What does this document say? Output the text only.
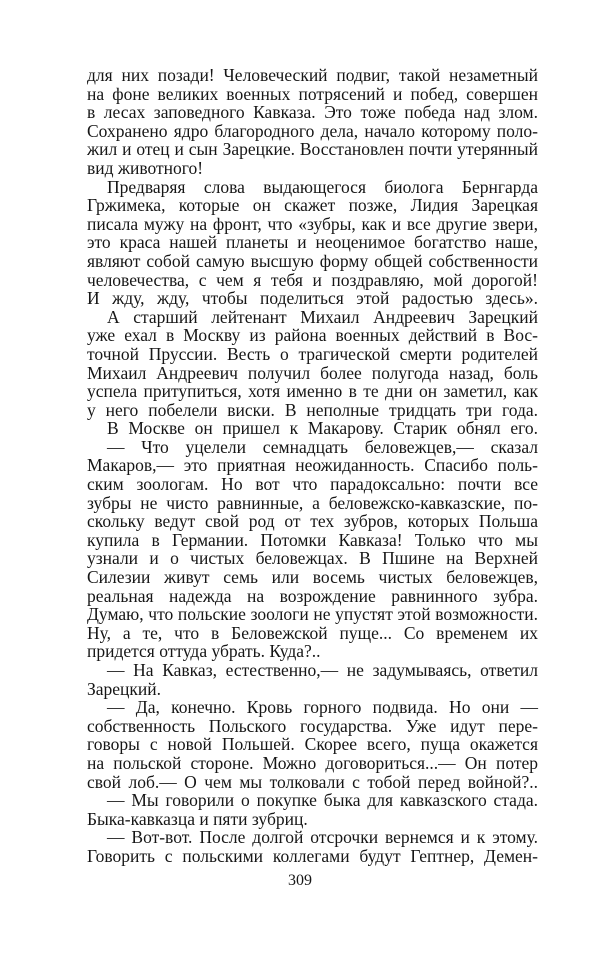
для них позади! Человеческий подвиг, такой незаметный
на фоне великих военных потрясений и побед, совершен
в лесах заповедного Кавказа. Это тоже победа над злом.
Сохранено ядро благородного дела, начало которому поло-
жил и отец и сын Зарецкие. Восстановлен почти утерянный
вид животного!
Предваряя слова выдающегося биолога Бернгарда
Гржимека, которые он скажет позже, Лидия Зарецкая
писала мужу на фронт, что «зубры, как и все другие звери,
это краса нашей планеты и неоценимое богатство наше,
являют собой самую высшую форму общей собственности
человечества, с чем я тебя и поздравляю, мой дорогой!
И жду, жду, чтобы поделиться этой радостью здесь».
А старший лейтенант Михаил Андреевич Зарецкий
уже ехал в Москву из района военных действий в Вос-
точной Пруссии. Весть о трагической смерти родителей
Михаил Андреевич получил более полугода назад, боль
успела притупиться, хотя именно в те дни он заметил, как
у него побелели виски. В неполные тридцать три года.
В Москве он пришел к Макарову. Старик обнял его.
— Что уцелели семнадцать беловежцев,— сказал
Макаров,— это приятная неожиданность. Спасибо поль-
ским зоологам. Но вот что парадоксально: почти все
зубры не чисто равнинные, а беловежско-кавказские, по-
скольку ведут свой род от тех зубров, которых Польша
купила в Германии. Потомки Кавказа! Только что мы
узнали и о чистых беловежцах. В Пшине на Верхней
Силезии живут семь или восемь чистых беловежцев,
реальная надежда на возрождение равнинного зубра.
Думаю, что польские зоологи не упустят этой возможности.
Ну, а те, что в Беловежской пуще... Со временем их
придется оттуда убрать. Куда?..
— На Кавказ, естественно,— не задумываясь, ответил
Зарецкий.
— Да, конечно. Кровь горного подвида. Но они —
собственность Польского государства. Уже идут пере-
говоры с новой Польшей. Скорее всего, пуща окажется
на польской стороне. Можно договориться...— Он потер
свой лоб.— О чем мы толковали с тобой перед войной?..
— Мы говорили о покупке быка для кавказского стада.
Быка-кавказца и пяти зубриц.
— Вот-вот. После долгой отсрочки вернемся и к этому.
Говорить с польскими коллегами будут Гептнер, Демен-
309
